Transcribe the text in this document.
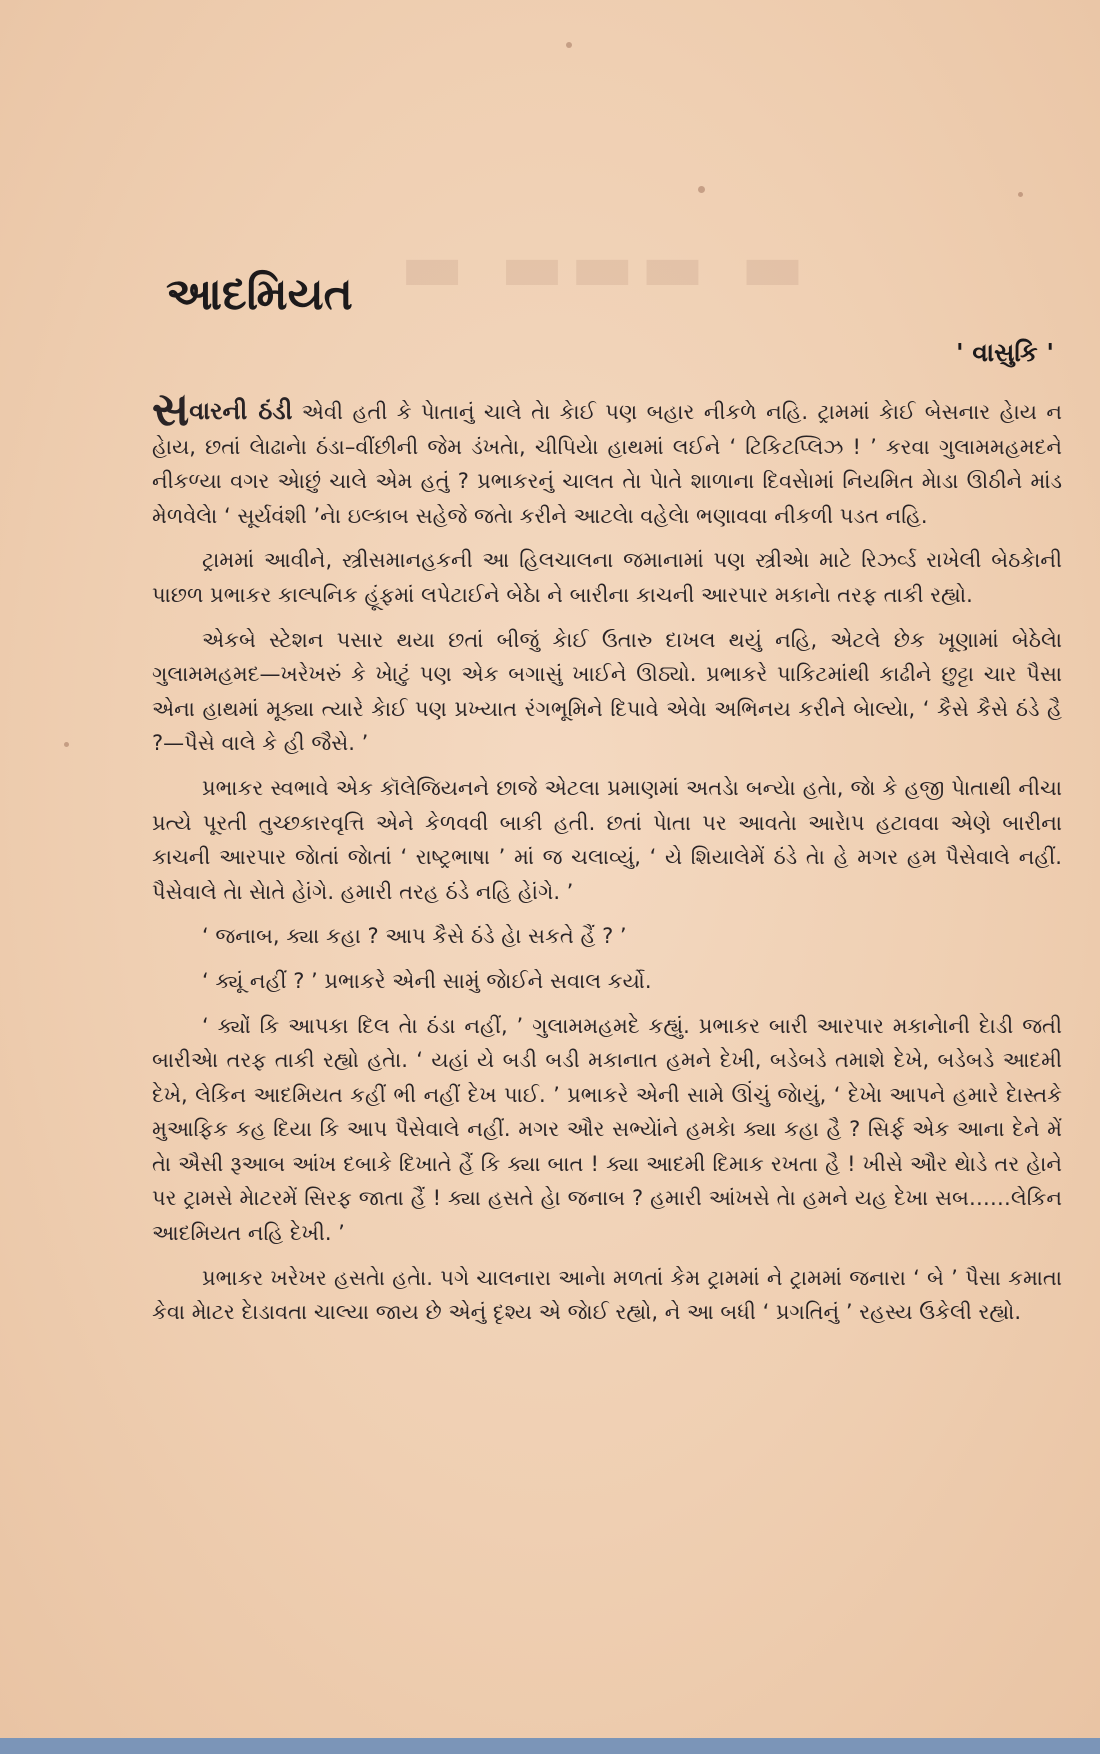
▬ ▬▬▬ ▬
આદમિયત
' વાસુકિ '

સવારની ઠંડી એવી હતી કે પેાતાનું ચાલે તેા કેાઈ પણ બહાર નીકળે નહિ. ટ્રામમાં કેાઈ બેસનાર હેાય ન હેાય, છતાં લેાઢાનેા ઠંડા–વીંછીની જેમ ડંખતેા, ચીપિયેા હાથમાં લઈને ‘ ટિકિટપ્લિઝ ! ’ કરવા ગુલામમહમદને નીકળ્યા વગર એાછું ચાલે એમ હતું ? પ્રભાકરનું ચાલત તેા પેાતે શાળાના દિવસેામાં નિયમિત મેાડા ઊઠીને માંડ મેળવેલેા ‘ સૂર્યવંશી ’નેા ઇલ્કાબ સહેજે જતેા કરીને આટલેા વહેલેા ભણાવવા નીકળી પડત નહિ.

ટ્રામમાં આવીને, સ્ત્રીસમાનહકની આ હિલચાલના જમાનામાં પણ સ્ત્રીએા માટે રિઝર્વ્ડ રાખેલી બેઠકેાની પાછળ પ્રભાકર કાલ્પનિક હૂંફમાં લપેટાઈને બેઠેા ને બારીના કાચની આરપાર મકાનેા તરફ તાકી રહ્યો.

એકબે સ્ટેશન પસાર થયા છતાં બીજું કેાઈ ઉતારુ દાખલ થયું નહિ, એટલે છેક ખૂણામાં બેઠેલેા ગુલામમહમદ—ખરેખરું કે ખેાટું પણ એક બગાસું ખાઈને ઊઠ્યો. પ્રભાકરે પાકિટમાંથી કાઢીને છુટ્ટા ચાર પૈસા એના હાથમાં મૂક્યા ત્યારે કેાઈ પણ પ્રખ્યાત રંગભૂમિને દિપાવે એવેા અભિનય કરીને બેાલ્યેા, ‘ કૈસે કૈસે ઠંડે હૈ ?—પૈસે વાલે કે હી જૈસે. ’

પ્રભાકર સ્વભાવે એક કૉલેજિયનને છાજે એટલા પ્રમાણમાં અતડેા બન્યેા હતેા, જેા કે હજી પેાતાથી નીચા પ્રત્યે પૂરતી તુચ્છકારવૃત્તિ એને કેળવવી બાકી હતી. છતાં પેાતા પર આવતેા આરેાપ હટાવવા એણે બારીના કાચની આરપાર જેાતાં જેાતાં ‘ રાષ્ટ્રભાષા ’ માં જ ચલાવ્યું, ‘ યે શિયાલેમેં ઠંડે તેા હે મગર હમ પૈસેવાલે નહીં. પૈસેવાલે તેા સેાતે હેાંગે. હમારી તરહ ઠંડે નહિ હેાંગે. ’

‘ જનાબ, ક્યા કહા ? આપ કૈસે ઠંડે હેા સકતે હૈં ? ’

‘ ક્યૂં નહીં ? ’ પ્રભાકરે એની સામું જેાઈને સવાલ કર્યો.

‘ ક્યોં કિ આપકા દિલ તેા ઠંડા નહીં, ’ ગુલામમહમદે કહ્યું. પ્રભાકર બારી આરપાર મકાનેાની દેાડી જતી બારીએા તરફ તાકી રહ્યો હતેા. ‘ યહાં યે બડી બડી મકાનાત હમને દેખી, બડેબડે તમાશે દેખે, બડેબડે આદમી દેખે, લેકિન આદમિયત કહીં ભી નહીં દેખ પાઈ. ’ પ્રભાકરે એની સામે ઊંચું જેાયું, ‘ દેખેા આપને હમારે દેાસ્તકે મુઆફિક કહ દિયા કિ આપ પૈસેવાલે નહીં. મગર ઔર સભ્યેાંને હમકેા ક્યા કહા હૈ ? સિર્ફ એક આના દેને મેં તેા ઐસી રૂઆબ આંખ દબાકે દિખાતે હૈં કિ ક્યા બાત ! ક્યા આદમી દિમાક રખતા હૈ ! ખીસે ઔર થેાડે તર હેાને પર ટ્રામસે મેાટરમેં સિરફ જાતા હૈં ! ક્યા હસતે હેા જનાબ ? હમારી આંખસે તેા હમને યહ દેખા સબ……લેકિન આદમિયત નહિ દેખી. ’

પ્રભાકર ખરેખર હસતેા હતેા. પગે ચાલનારા આનેા મળતાં કેમ ટ્રામમાં ને ટ્રામમાં જનારા ‘ બે ’ પૈસા કમાતા કેવા મેાટર દેાડાવતા ચાલ્યા જાય છે એનું દૃશ્ય એ જેાઈ રહ્યો, ને આ બધી ‘ પ્રગતિનું ’ રહસ્ય ઉકેલી રહ્યો.
